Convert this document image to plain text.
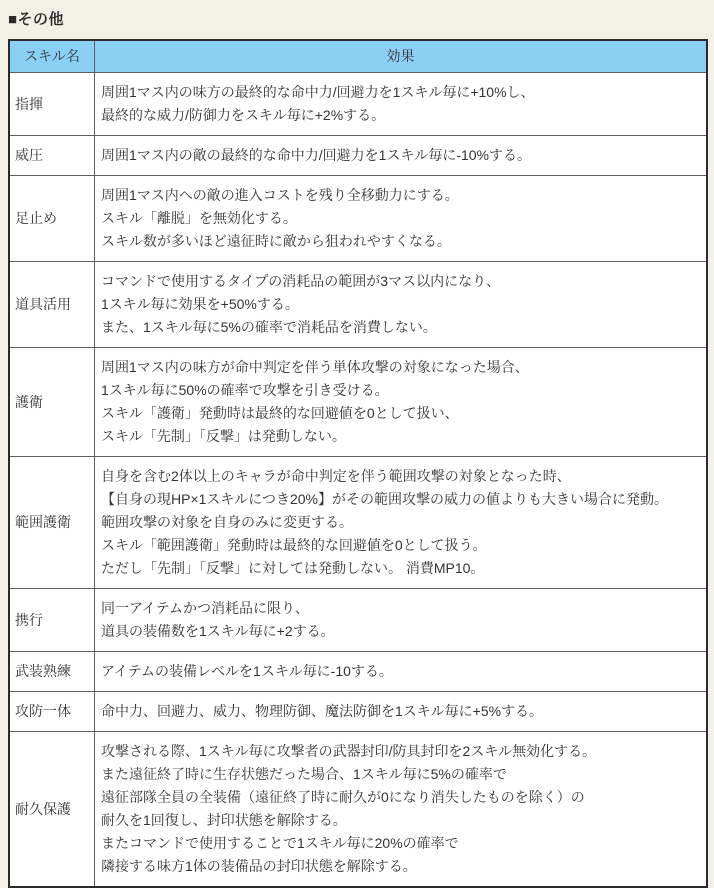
■その他
スキル名	効果
指揮	周囲1マス内の味方の最終的な命中力/回避力を1スキル毎に+10%し、
最終的な威力/防御力をスキル毎に+2%する。

威圧	周囲1マス内の敵の最終的な命中力/回避力を1スキル毎に-10%する。

足止め	周囲1マス内への敵の進入コストを残り全移動力にする。
スキル「離脱」を無効化する。
スキル数が多いほど遠征時に敵から狙われやすくなる。

道具活用	コマンドで使用するタイプの消耗品の範囲が3マス以内になり、
1スキル毎に効果を+50%する。
また、1スキル毎に5%の確率で消耗品を消費しない。

護衛	周囲1マス内の味方が命中判定を伴う単体攻撃の対象になった場合、
1スキル毎に50%の確率で攻撃を引き受ける。
スキル「護衛」発動時は最終的な回避値を0として扱い、
スキル「先制」「反撃」は発動しない。

範囲護衛	自身を含む2体以上のキャラが命中判定を伴う範囲攻撃の対象となった時、
【自身の現HP×1スキルにつき20%】がその範囲攻撃の威力の値よりも大きい場合に発動。
範囲攻撃の対象を自身のみに変更する。
スキル「範囲護衛」発動時は最終的な回避値を0として扱う。
ただし「先制」「反撃」に対しては発動しない。 消費MP10。

携行	同一アイテムかつ消耗品に限り、
道具の装備数を1スキル毎に+2する。

武装熟練	アイテムの装備レベルを1スキル毎に-10する。

攻防一体	命中力、回避力、威力、物理防御、魔法防御を1スキル毎に+5%する。

耐久保護	
攻撃される際、1スキル毎に攻撃者の武器封印/防具封印を2スキル無効化する。
また遠征終了時に生存状態だった場合、1スキル毎に5%の確率で
遠征部隊全員の全装備（遠征終了時に耐久が0になり消失したものを除く）の
耐久を1回復し、封印状態を解除する。
またコマンドで使用することで1スキル毎に20%の確率で
隣接する味方1体の装備品の封印状態を解除する。
